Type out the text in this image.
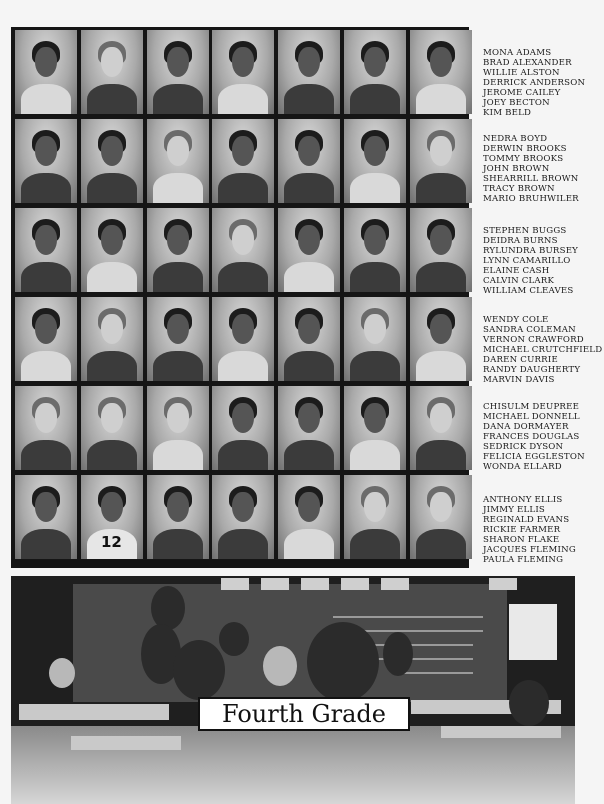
12
MONA ADAMS
BRAD ALEXANDER
WILLIE ALSTON
DERRICK ANDERSON
JEROME CAILEY
JOEY BECTON
KIM BELD
NEDRA BOYD
DERWIN BROOKS
TOMMY BROOKS
JOHN BROWN
SHEARRILL BROWN
TRACY BROWN
MARIO BRUHWILER
STEPHEN BUGGS
DEIDRA BURNS
RYLUNDRA BURSEY
LYNN CAMARILLO
ELAINE CASH
CALVIN CLARK
WILLIAM CLEAVES
WENDY COLE
SANDRA COLEMAN
VERNON CRAWFORD
MICHAEL CRUTCHFIELD
DAREN CURRIE
RANDY DAUGHERTY
MARVIN DAVIS
CHISULM DEUPREE
MICHAEL DONNELL
DANA DORMAYER
FRANCES DOUGLAS
SEDRICK DYSON
FELICIA EGGLESTON
WONDA ELLARD
ANTHONY ELLIS
JIMMY ELLIS
REGINALD EVANS
RICKIE FARMER
SHARON FLAKE
JACQUES FLEMING
PAULA FLEMING
Fourth Grade
